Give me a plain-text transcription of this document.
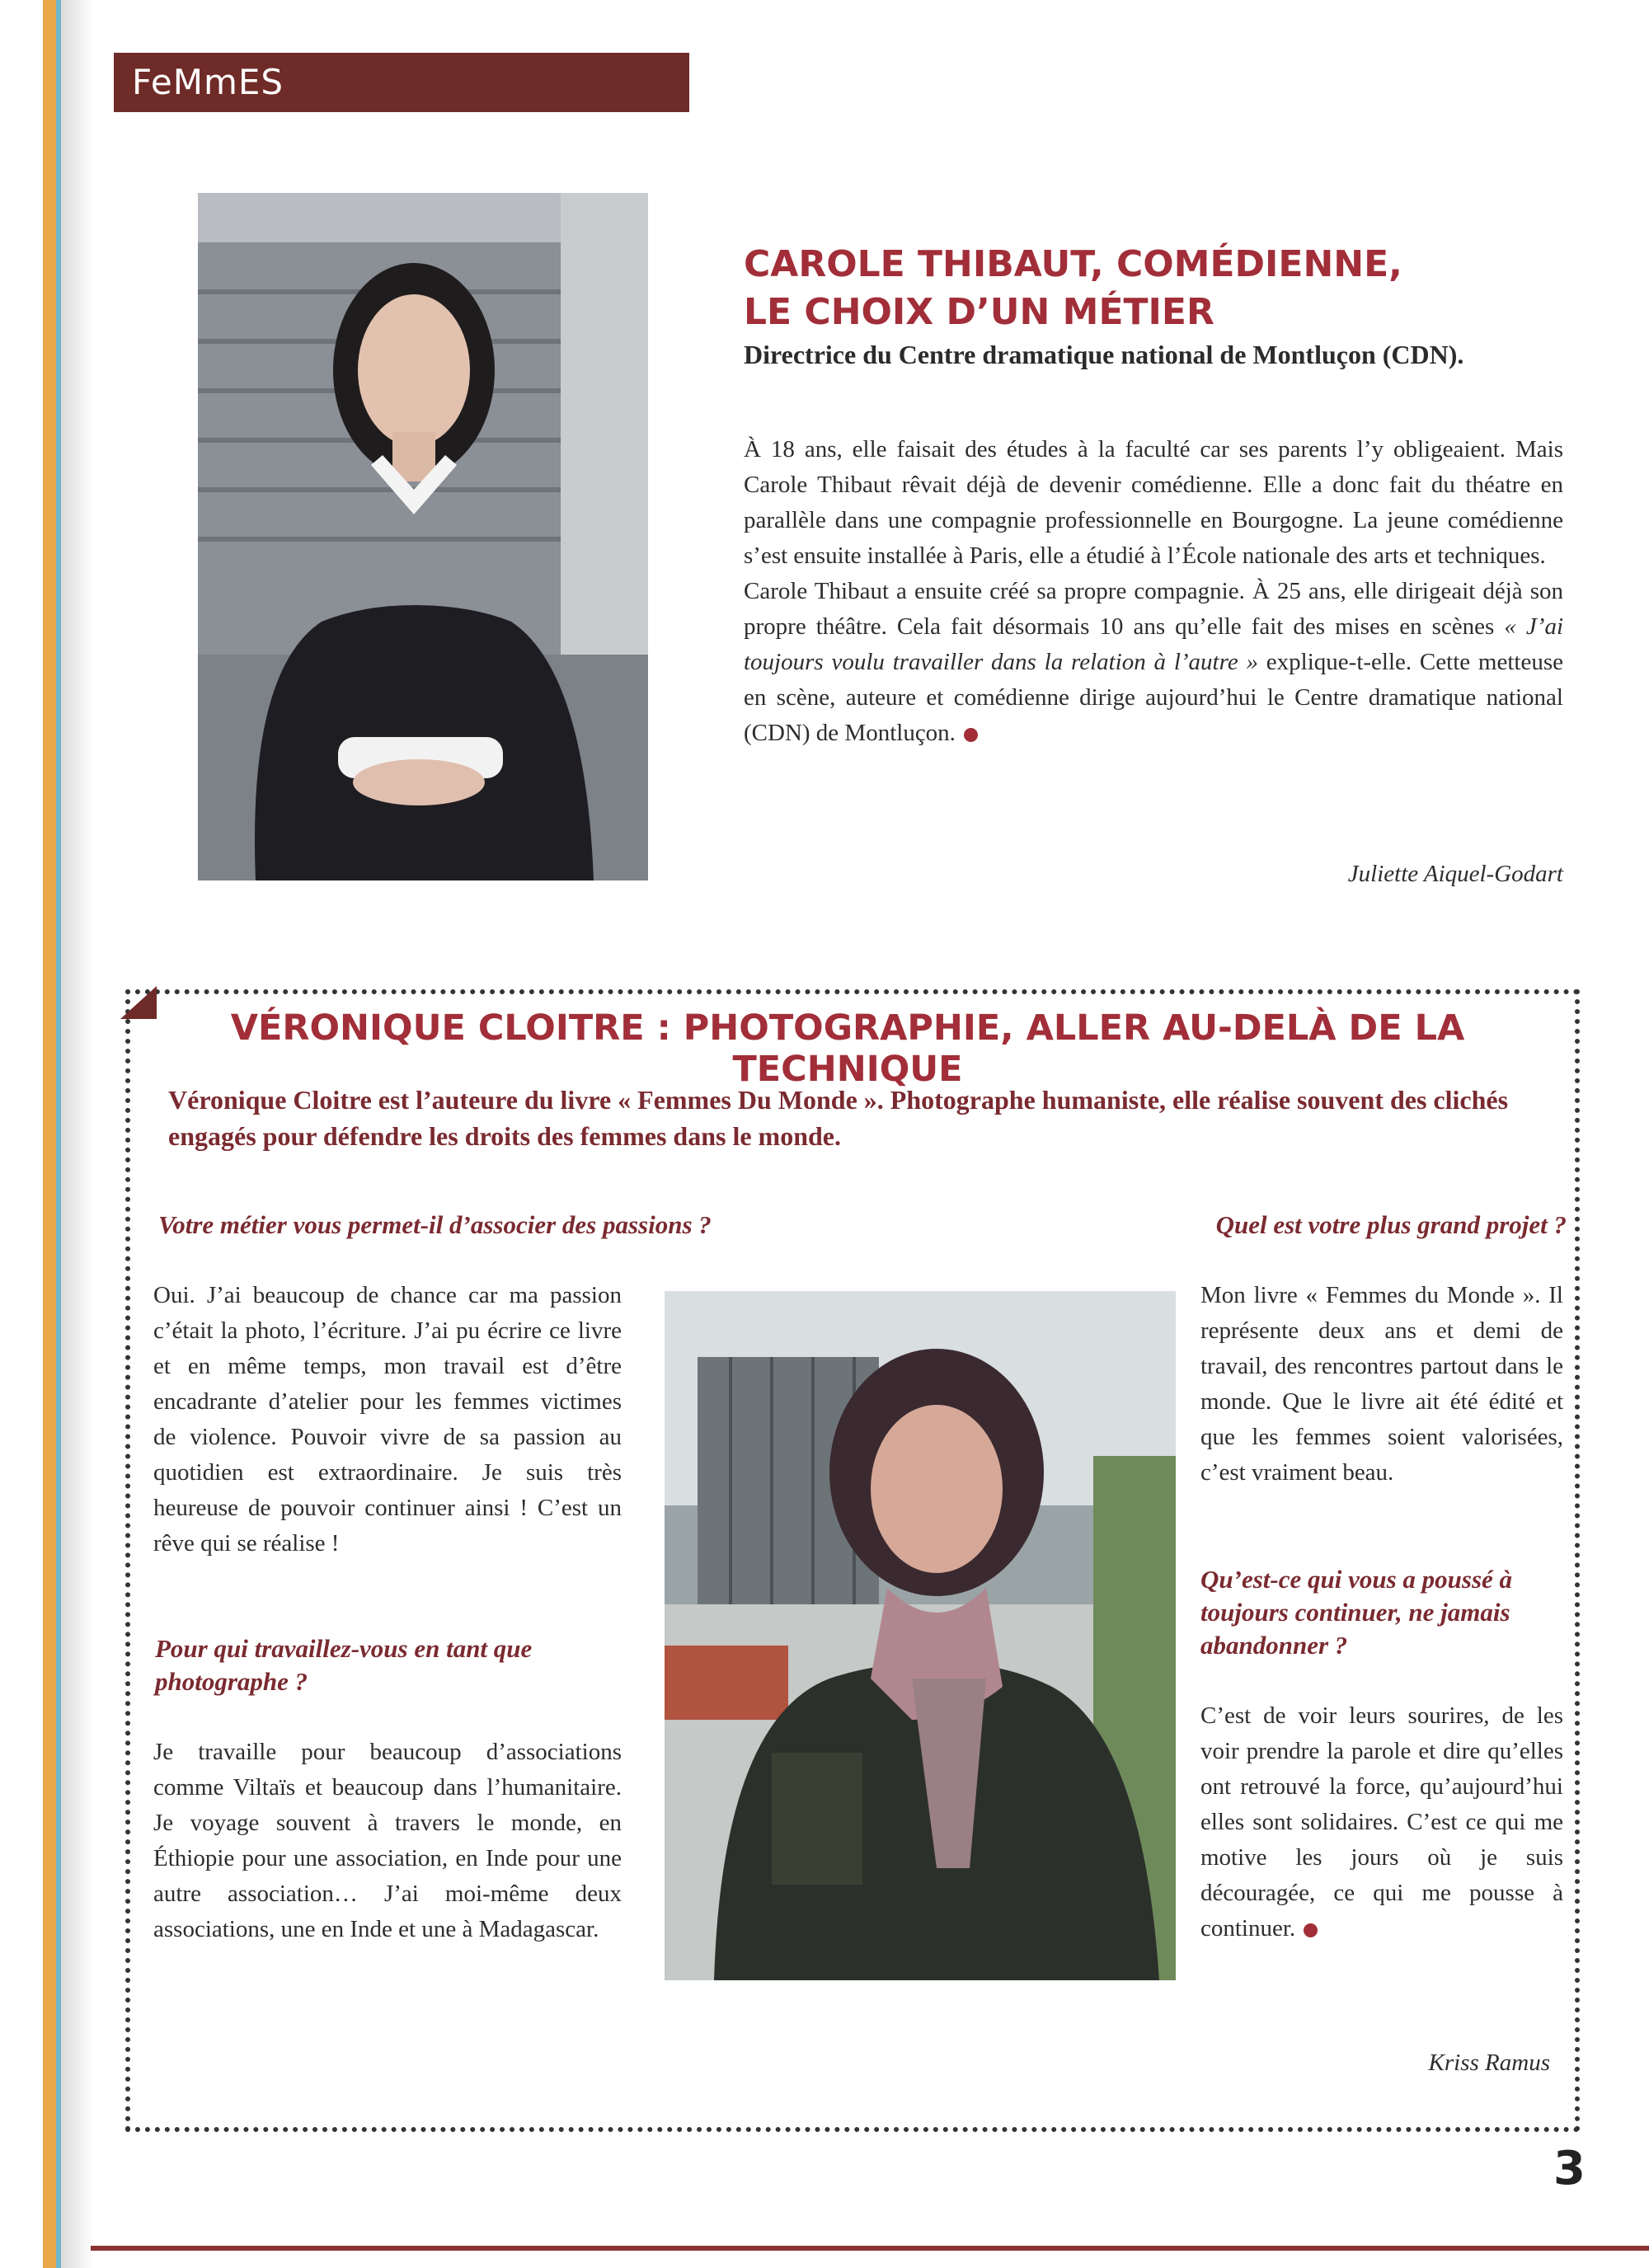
FeMmES
CAROLE THIBAUT, COMÉDIENNE,
LE CHOIX D’UN MÉTIER

Directrice du Centre dramatique national de Montluçon (CDN).

À 18 ans, elle faisait des études à la faculté car ses parents l’y obligeaient. Mais Carole Thibaut rêvait déjà de devenir comédienne. Elle a donc fait du théatre en parallèle dans une compagnie professionnelle en Bourgogne. La jeune comédienne s’est ensuite installée à Paris, elle a étudié à l’École nationale des arts et techniques.

Carole Thibaut a ensuite créé sa propre compagnie. À 25 ans, elle dirigeait déjà son propre théâtre. Cela fait désormais 10 ans qu’elle fait des mises en scènes « J’ai toujours voulu travailler dans la relation à l’autre » explique-t-elle. Cette metteuse en scène, auteure et comédienne dirige aujourd’hui le Centre dramatique national (CDN) de Montluçon.

Juliette Aiquel-Godart
VÉRONIQUE CLOITRE : PHOTOGRAPHIE, ALLER AU-DELÀ DE LA TECHNIQUE

Véronique Cloitre est l’auteure du livre « Femmes Du Monde ». Photographe humaniste, elle réalise souvent des clichés engagés pour défendre les droits des femmes dans le monde.

Votre métier vous permet-il d’associer des passions ?

Oui. J’ai beaucoup de chance car ma passion c’était la photo, l’écriture. J’ai pu écrire ce livre et en même temps, mon travail est d’être encadrante d’atelier pour les femmes victimes de violence. Pouvoir vivre de sa passion au quotidien est extraordinaire. Je suis très heureuse de pouvoir continuer ainsi ! C’est un rêve qui se réalise !

Pour qui travaillez-vous en tant que photographe ?

Je travaille pour beaucoup d’associations comme Viltaïs et beaucoup dans l’humanitaire. Je voyage souvent à travers le monde, en Éthiopie pour une association, en Inde pour une autre association… J’ai moi-même deux associations, une en Inde et une à Madagascar.

Quel est votre plus grand projet ?

Mon livre « Femmes du Monde ». Il représente deux ans et demi de travail, des rencontres partout dans le monde. Que le livre ait été édité et que les femmes soient valorisées, c’est vraiment beau.

Qu’est-ce qui vous a poussé à toujours continuer, ne jamais abandonner ?

C’est de voir leurs sourires, de les voir prendre la parole et dire qu’elles ont retrouvé la force, qu’aujourd’hui elles sont solidaires. C’est ce qui me motive les jours où je suis découragée, ce qui me pousse à continuer.

Kriss Ramus
3
